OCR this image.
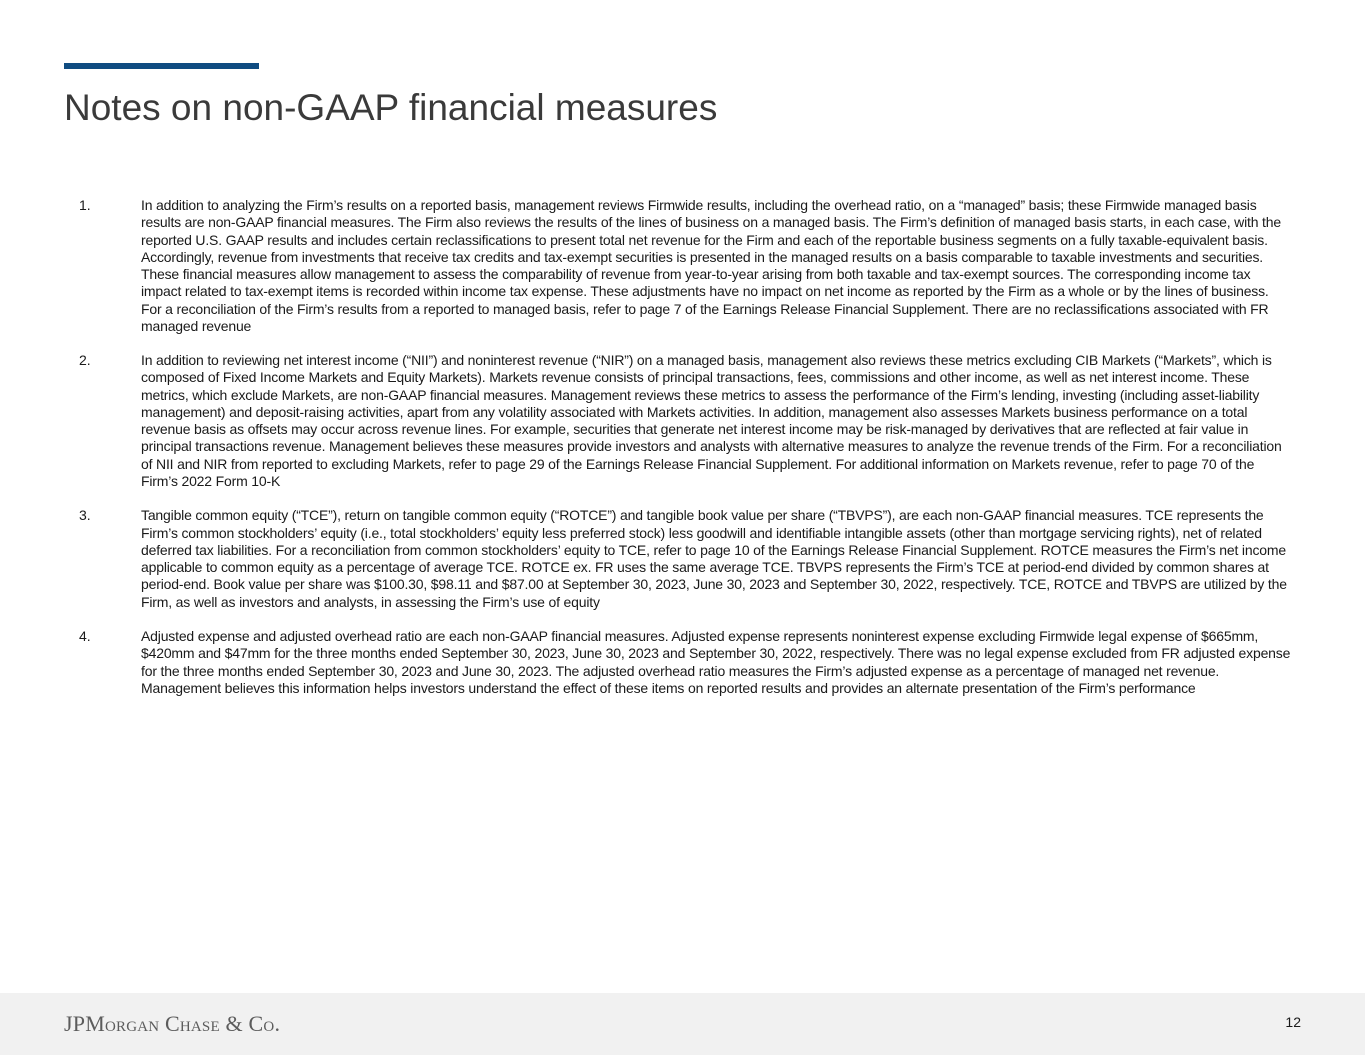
Notes on non-GAAP financial measures
1.	In addition to analyzing the Firm’s results on a reported basis, management reviews Firmwide results, including the overhead ratio, on a “managed” basis; these Firmwide managed basis results are non-GAAP financial measures. The Firm also reviews the results of the lines of business on a managed basis. The Firm’s definition of managed basis starts, in each case, with the reported U.S. GAAP results and includes certain reclassifications to present total net revenue for the Firm and each of the reportable business segments on a fully taxable-equivalent basis. Accordingly, revenue from investments that receive tax credits and tax-exempt securities is presented in the managed results on a basis comparable to taxable investments and securities. These financial measures allow management to assess the comparability of revenue from year-to-year arising from both taxable and tax-exempt sources. The corresponding income tax impact related to tax-exempt items is recorded within income tax expense. These adjustments have no impact on net income as reported by the Firm as a whole or by the lines of business. For a reconciliation of the Firm’s results from a reported to managed basis, refer to page 7 of the Earnings Release Financial Supplement. There are no reclassifications associated with FR managed revenue
2.	In addition to reviewing net interest income (“NII”) and noninterest revenue (“NIR”) on a managed basis, management also reviews these metrics excluding CIB Markets (“Markets”, which is composed of Fixed Income Markets and Equity Markets). Markets revenue consists of principal transactions, fees, commissions and other income, as well as net interest income. These metrics, which exclude Markets, are non-GAAP financial measures. Management reviews these metrics to assess the performance of the Firm’s lending, investing (including asset-liability management) and deposit-raising activities, apart from any volatility associated with Markets activities. In addition, management also assesses Markets business performance on a total revenue basis as offsets may occur across revenue lines. For example, securities that generate net interest income may be risk-managed by derivatives that are reflected at fair value in principal transactions revenue. Management believes these measures provide investors and analysts with alternative measures to analyze the revenue trends of the Firm. For a reconciliation of NII and NIR from reported to excluding Markets, refer to page 29 of the Earnings Release Financial Supplement. For additional information on Markets revenue, refer to page 70 of the Firm’s 2022 Form 10-K
3.	Tangible common equity (“TCE”), return on tangible common equity (“ROTCE”) and tangible book value per share (“TBVPS”), are each non-GAAP financial measures. TCE represents the Firm’s common stockholders’ equity (i.e., total stockholders’ equity less preferred stock) less goodwill and identifiable intangible assets (other than mortgage servicing rights), net of related deferred tax liabilities. For a reconciliation from common stockholders’ equity to TCE, refer to page 10 of the Earnings Release Financial Supplement. ROTCE measures the Firm’s net income applicable to common equity as a percentage of average TCE. ROTCE ex. FR uses the same average TCE. TBVPS represents the Firm’s TCE at period-end divided by common shares at period-end. Book value per share was $100.30, $98.11 and $87.00 at September 30, 2023, June 30, 2023 and September 30, 2022, respectively. TCE, ROTCE and TBVPS are utilized by the Firm, as well as investors and analysts, in assessing the Firm’s use of equity
4.	Adjusted expense and adjusted overhead ratio are each non-GAAP financial measures. Adjusted expense represents noninterest expense excluding Firmwide legal expense of $665mm, $420mm and $47mm for the three months ended September 30, 2023, June 30, 2023 and September 30, 2022, respectively. There was no legal expense excluded from FR adjusted expense for the three months ended September 30, 2023 and June 30, 2023. The adjusted overhead ratio measures the Firm’s adjusted expense as a percentage of managed net revenue. Management believes this information helps investors understand the effect of these items on reported results and provides an alternate presentation of the Firm’s performance
JPMorgan Chase & Co.	12
